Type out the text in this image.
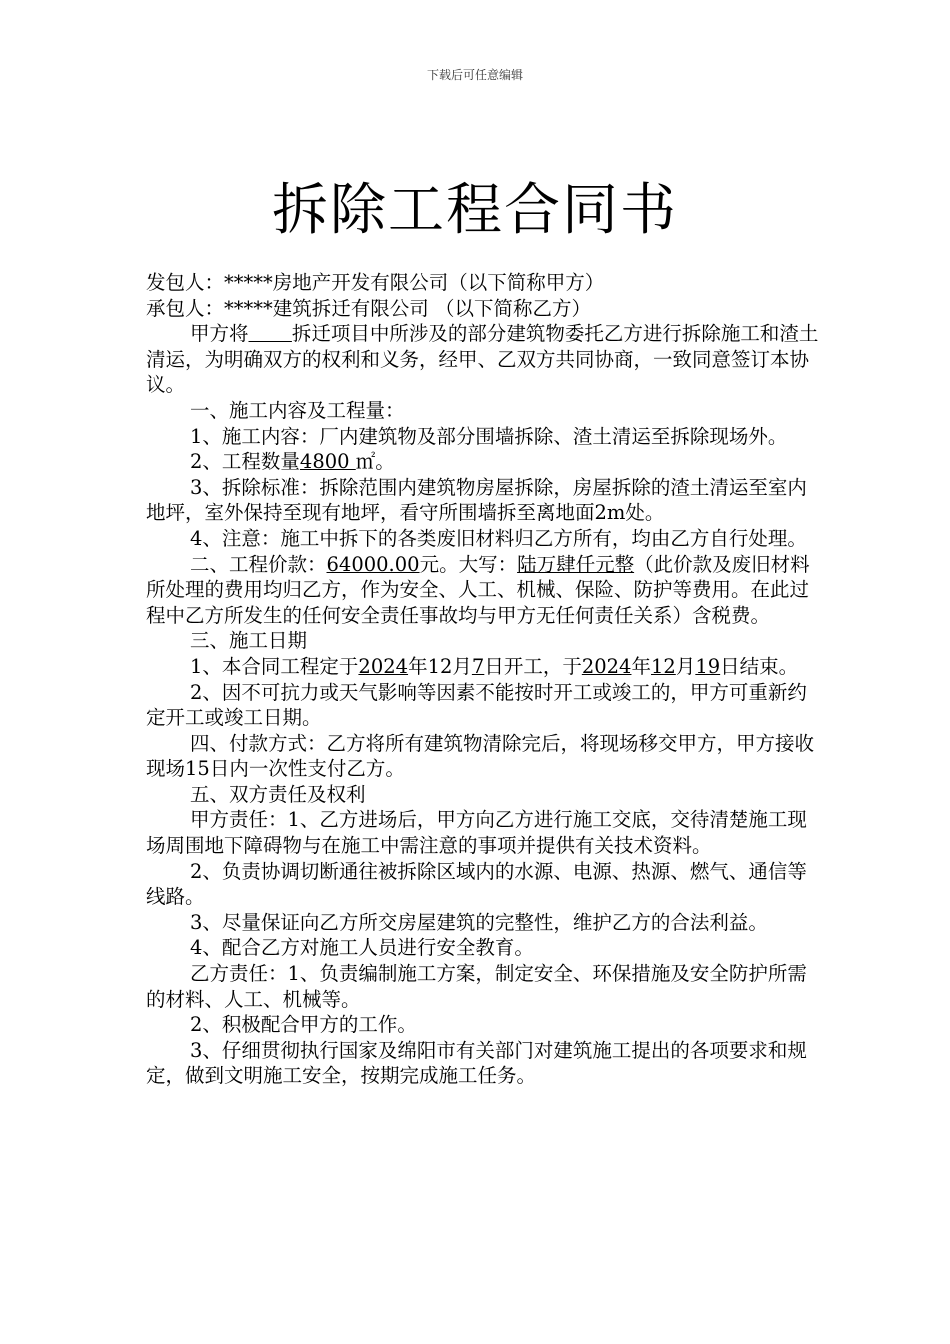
下载后可任意编辑
拆除工程合同书

发包人：*****房地产开发有限公司（以下简称甲方）

承包人：*****建筑拆迁有限公司 （以下简称乙方）

甲方将 拆迁项目中所涉及的部分建筑物委托乙方进行拆除施工和渣土清运，为明确双方的权利和义务，经甲、乙双方共同协商，一致同意签订本协议。

一、施工内容及工程量：

1、施工内容：厂内建筑物及部分围墙拆除、渣土清运至拆除现场外。

2、工程数量4800 ㎡。

3、拆除标准：拆除范围内建筑物房屋拆除，房屋拆除的渣土清运至室内地坪，室外保持至现有地坪，看守所围墙拆至离地面2m处。

4、注意：施工中拆下的各类废旧材料归乙方所有，均由乙方自行处理。

二、工程价款：64000.00元。大写：陆万肆仟元整（此价款及废旧材料所处理的费用均归乙方，作为安全、人工、机械、保险、防护等费用。在此过程中乙方所发生的任何安全责任事故均与甲方无任何责任关系）含税费。

三、施工日期

1、本合同工程定于2024年12月7日开工，于2024年12月19日结束。

2、因不可抗力或天气影响等因素不能按时开工或竣工的，甲方可重新约定开工或竣工日期。

四、付款方式：乙方将所有建筑物清除完后，将现场移交甲方，甲方接收现场15日内一次性支付乙方。

五、双方责任及权利

甲方责任：1、乙方进场后，甲方向乙方进行施工交底，交待清楚施工现场周围地下障碍物与在施工中需注意的事项并提供有关技术资料。

2、负责协调切断通往被拆除区域内的水源、电源、热源、燃气、通信等线路。

3、尽量保证向乙方所交房屋建筑的完整性，维护乙方的合法利益。

4、配合乙方对施工人员进行安全教育。

乙方责任：1、负责编制施工方案，制定安全、环保措施及安全防护所需的材料、人工、机械等。

2、积极配合甲方的工作。

3、仔细贯彻执行国家及绵阳市有关部门对建筑施工提出的各项要求和规定，做到文明施工安全，按期完成施工任务。
